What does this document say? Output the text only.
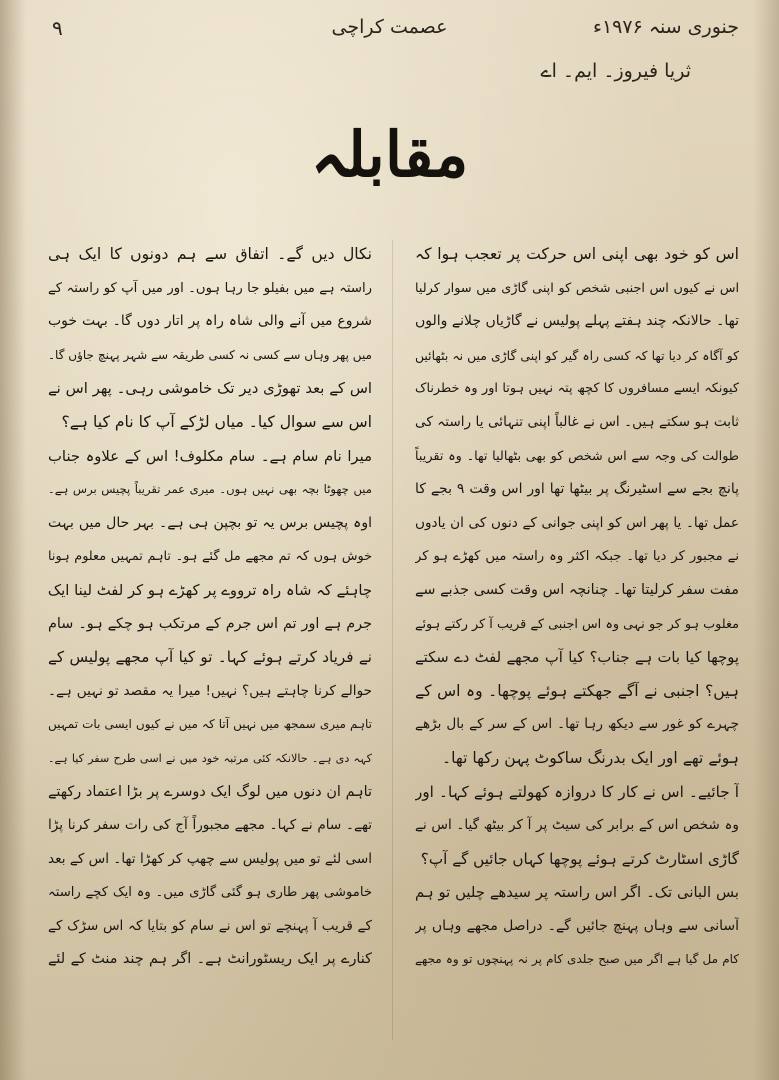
۹	عصمت کراچی	جنوری سنہ ۱۹۷۶ء
ثریا فیروز۔ ایم۔ اے
مقابلہ
اس کو خود بھی اپنی اس حرکت پر تعجب ہوا کہ
اس نے کیوں اس اجنبی شخص کو اپنی گاڑی میں سوار کرلیا
تھا۔ حالانکہ چند ہفتے پہلے پولیس نے گاڑیاں چلانے والوں
کو آگاہ کر دیا تھا کہ کسی راہ گیر کو اپنی گاڑی میں نہ بٹھائیں
کیونکہ ایسے مسافروں کا کچھ پتہ نہیں ہوتا اور وہ خطرناک
ثابت ہو سکتے ہیں۔ اس نے غالباً اپنی تنہائی یا راستہ کی
طوالت کی وجہ سے اس شخص کو بھی بٹھالیا تھا۔ وہ تقریباً
پانچ بجے سے اسٹیرنگ پر بیٹھا تھا اور اس وقت ۹ بجے کا
عمل تھا۔ یا پھر اس کو اپنی جوانی کے دنوں کی ان یادوں
نے مجبور کر دیا تھا۔ جبکہ اکثر وہ راستہ میں کھڑے ہو کر
مفت سفر کرلیتا تھا۔ چنانچہ اس وقت کسی جذبے سے
مغلوب ہو کر جو نہی وہ اس اجنبی کے قریب آ کر رکتے ہوئے
پوچھا کیا بات ہے جناب؟ کیا آپ مجھے لفٹ دے سکتے
ہیں؟ اجنبی نے آگے جھکتے ہوئے پوچھا۔ وہ اس کے
چہرے کو غور سے دیکھ رہا تھا۔ اس کے سر کے بال بڑھے
ہوئے تھے اور ایک بدرنگ ساکوٹ پہن رکھا تھا۔
آ جائیے۔ اس نے کار کا دروازہ کھولتے ہوئے کہا۔ اور
وہ شخص اس کے برابر کی سیٹ پر آ کر بیٹھ گیا۔ اس نے
گاڑی اسٹارٹ کرتے ہوئے پوچھا کہاں جائیں گے آپ؟
بس البانی تک۔ اگر اس راستہ پر سیدھے چلیں تو ہم
آسانی سے وہاں پہنچ جائیں گے۔ دراصل مجھے وہاں پر
کام مل گیا ہے اگر میں صبح جلدی کام پر نہ پہنچوں تو وہ مجھے
نکال دیں گے۔ اتفاق سے ہم دونوں کا ایک ہی
راستہ ہے میں بفیلو جا رہا ہوں۔ اور میں آپ کو راستہ کے
شروع میں آنے والی شاہ راہ پر اتار دوں گا۔ بہت خوب
میں پھر وہاں سے کسی نہ کسی طریقہ سے شہر پہنچ جاؤں گا۔
اس کے بعد تھوڑی دیر تک خاموشی رہی۔ پھر اس نے
اس سے سوال کیا۔ میاں لڑکے آپ کا نام کیا ہے؟
میرا نام سام ہے۔ سام مکلوف! اس کے علاوہ جناب
میں چھوٹا بچہ بھی نہیں ہوں۔ میری عمر تقریباً پچیس برس ہے۔
اوہ پچیس برس یہ تو بچپن ہی ہے۔ بہر حال میں بہت
خوش ہوں کہ تم مجھے مل گئے ہو۔ تاہم تمہیں معلوم ہونا
چاہئے کہ شاہ راہ ترووے پر کھڑے ہو کر لفٹ لینا ایک
جرم ہے اور تم اس جرم کے مرتکب ہو چکے ہو۔ سام
نے فریاد کرتے ہوئے کہا۔ تو کیا آپ مجھے پولیس کے
حوالے کرنا چاہتے ہیں؟ نہیں! میرا یہ مقصد تو نہیں ہے۔
تاہم میری سمجھ میں نہیں آتا کہ میں نے کیوں ایسی بات تمہیں
کہہ دی ہے۔ حالانکہ کئی مرتبہ خود میں نے اسی طرح سفر کیا ہے۔
تاہم ان دنوں میں لوگ ایک دوسرے پر بڑا اعتماد رکھتے
تھے۔ سام نے کہا۔ مجھے مجبوراً آج کی رات سفر کرنا پڑا
اسی لئے تو میں پولیس سے چھپ کر کھڑا تھا۔ اس کے بعد
خاموشی پھر طاری ہو گئی گاڑی میں۔ وہ ایک کچے راستہ
کے قریب آ پہنچے تو اس نے سام کو بتایا کہ اس سڑک کے
کنارے پر ایک ریسٹورانٹ ہے۔ اگر ہم چند منٹ کے لئے
